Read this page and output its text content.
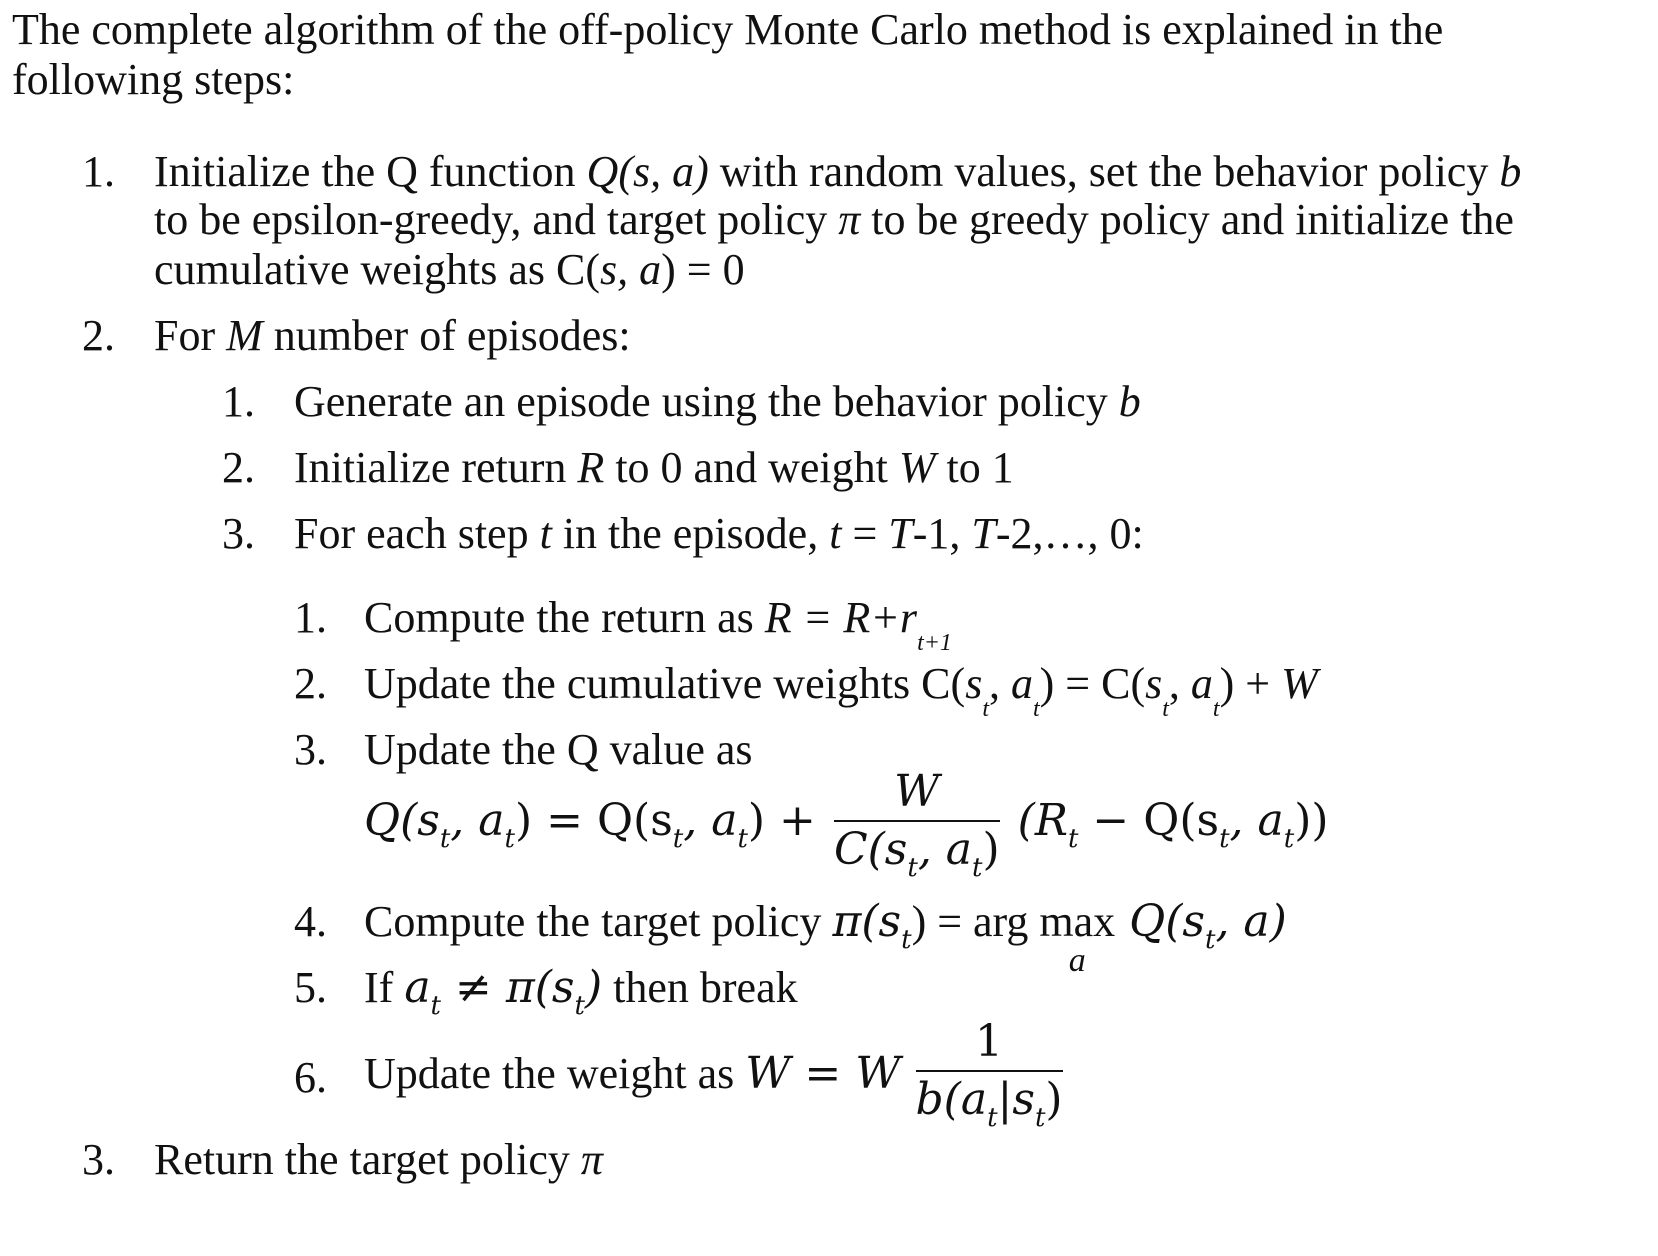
The complete algorithm of the off-policy Monte Carlo method is explained in the
following steps:
1. Initialize the Q function Q(s, a) with random values, set the behavior policy b
to be epsilon-greedy, and target policy π to be greedy policy and initialize the
cumulative weights as C(s, a) = 0
2. For M number of episodes:
1. Generate an episode using the behavior policy b
2. Initialize return R to 0 and weight W to 1
3. For each step t in the episode, t = T-1, T-2,…, 0:
1. Compute the return as $R = R+r_{t+1}$
2. Update the cumulative weights $C(s_t$, $a_t) = C(s_t$, $a_t) + W$
3. Update the Q value as
$Q(s_t$, $a_t) = Q(s_t$, $a_t) + \frac{W}{C(s_t, a_t)} (R_t - Q(s_t$, $a_t$))
4. Compute the target policy $\pi(s_t)$ = arg max
a
$Q(s_t$, a)
5. If $a_t \ne \pi(s_t)$ then break
6. Update the weight as W = W $\frac{1}{b(a_t|s_t)}$
3. Return the target policy π
